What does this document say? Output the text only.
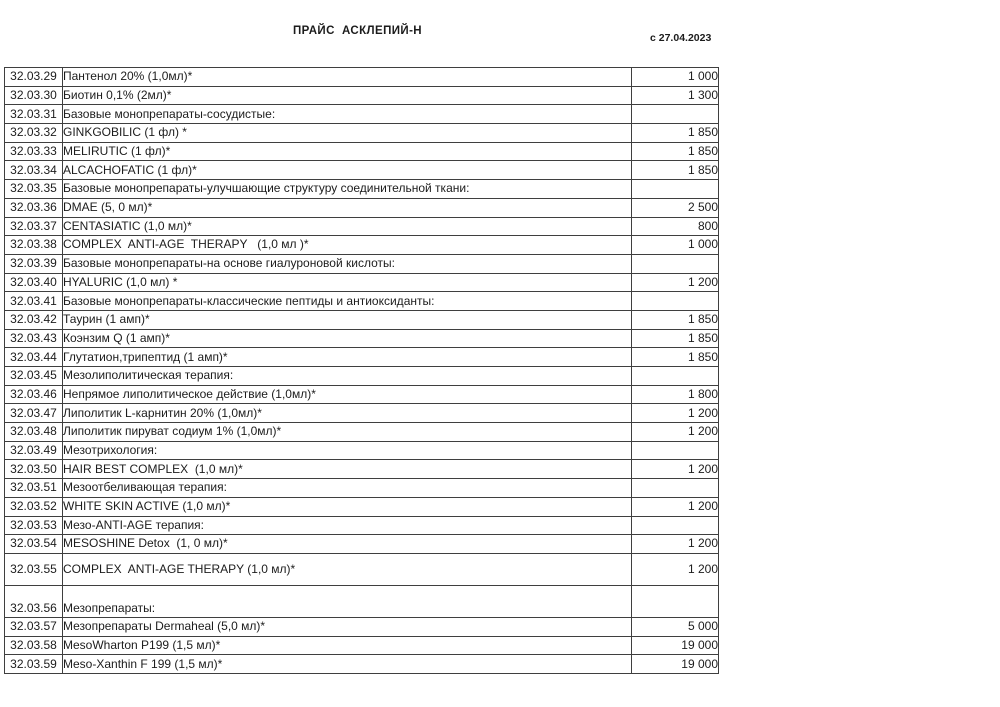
ПРАЙС  АСКЛЕПИЙ-Н
с 27.04.2023
32.03.29	Пантенол 20% (1,0мл)*	1 000
32.03.30	Биотин 0,1% (2мл)*	1 300
32.03.31	Базовые монопрепараты-сосудистые:	
32.03.32	GINKGOBILIC (1 фл) *	1 850
32.03.33	MELIRUTIC (1 фл)*	1 850
32.03.34	ALCACHOFATIC (1 фл)*	1 850
32.03.35	Базовые монопрепараты-улучшающие структуру соединительной ткани:	
32.03.36	DMAE (5, 0 мл)*	2 500
32.03.37	CENTASIATIC (1,0 мл)*	800
32.03.38	COMPLEX  ANTI-AGE  THERAPY   (1,0 мл )*	1 000
32.03.39	Базовые монопрепараты-на основе гиалуроновой кислоты:	
32.03.40	HYALURIC (1,0 мл) *	1 200
32.03.41	Базовые монопрепараты-классические пептиды и антиоксиданты:	
32.03.42	Таурин (1 амп)*	1 850
32.03.43	Коэнзим Q (1 амп)*	1 850
32.03.44	Глутатион,трипептид (1 амп)*	1 850
32.03.45	Мезолиполитическая терапия:	
32.03.46	Непрямое липолитическое действие (1,0мл)*	1 800
32.03.47	Липолитик L-карнитин 20% (1,0мл)*	1 200
32.03.48	Липолитик пируват содиум 1% (1,0мл)*	1 200
32.03.49	Мезотрихология:	
32.03.50	HAIR BEST COMPLEX  (1,0 мл)*	1 200
32.03.51	Мезоотбеливающая терапия:	
32.03.52	WHITE SKIN ACTIVE (1,0 мл)*	1 200
32.03.53	Мезо-ANTI-AGE терапия:	
32.03.54	MESOSHINE Detox  (1, 0 мл)*	1 200
32.03.55	COMPLEX  ANTI-AGE THERAPY (1,0 мл)*	1 200
32.03.56	Мезопрепараты:	
32.03.57	Мезопрепараты Dermaheal (5,0 мл)*	5 000
32.03.58	MesoWharton P199 (1,5 мл)*	19 000
32.03.59	Meso-Xanthin F 199 (1,5 мл)*	19 000
